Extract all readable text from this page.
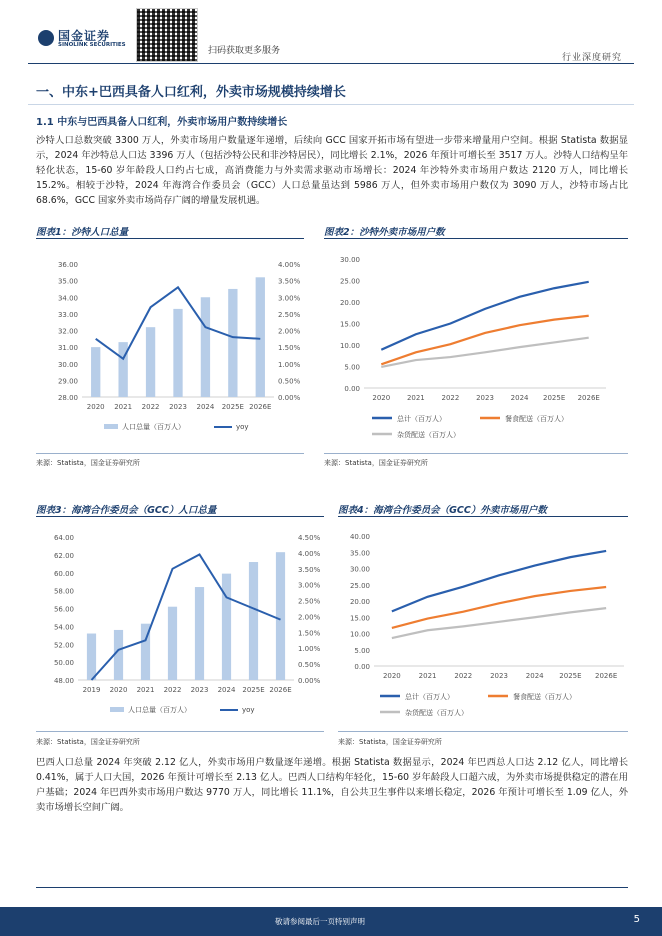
国金证券
SINOLINK SECURITIES
扫码获取更多服务
行业深度研究
一、中东+巴西具备人口红利，外卖市场规模持续增长
1.1 中东与巴西具备人口红利，外卖市场用户数持续增长

沙特人口总数突破 3300 万人，外卖市场用户数量逐年递增，后续向 GCC 国家开拓市场有望进一步带来增量用户空间。根据 Statista 数据显示，2024 年沙特总人口达 3396 万人（包括沙特公民和非沙特居民），同比增长 2.1%，2026 年预计可增长至 3517 万人。沙特人口结构呈年轻化状态，15-60 岁年龄段人口约占七成，高消费能力与外卖需求驱动市场增长：2024 年沙特外卖市场用户数达 2120 万人，同比增长 15.2%。相较于沙特，2024 年海湾合作委员会（GCC）人口总量虽达到 5986 万人，但外卖市场用户数仅为 3090 万人，沙特市场占比 68.6%，GCC 国家外卖市场尚存广阔的增量发展机遇。

图表1：沙特人口总量
28.00
29.00
30.00
31.00
32.00
33.00
34.00
35.00
36.00
0.00%
0.50%
1.00%
1.50%
2.00%
2.50%
3.00%
3.50%
4.00%
2020 2021 2022 2023 2024 2025E 2026E
人口总量（百万人）	yoy
来源：Statista，国金证券研究所
图表2：沙特外卖市场用户数
0.00
5.00
10.00
15.00
20.00
25.00
30.00
2020 2021 2022 2023 2024 2025E 2026E
总计（百万人）	餐食配送（百万人）
杂货配送（百万人）
来源：Statista，国金证券研究所
图表3：海湾合作委员会（GCC）人口总量
48.00
50.00
52.00
54.00
56.00
58.00
60.00
62.00
64.00
0.00%
0.50%
1.00%
1.50%
2.00%
2.50%
3.00%
3.50%
4.00%
4.50%
2019 2020 2021 2022 2023 2024 2025E 2026E
人口总量（百万人）	yoy
来源：Statista，国金证券研究所
图表4：海湾合作委员会（GCC）外卖市场用户数
0.00
5.00
10.00
15.00
20.00
25.00
30.00
35.00
40.00
2020	2021	2022	2023	2024 2025E 2026E
总计（百万人）	餐食配送（百万人）
杂货配送（百万人）
来源：Statista，国金证券研究所

巴西人口总量 2024 年突破 2.12 亿人，外卖市场用户数量逐年递增。根据 Statista 数据显示，2024 年巴西总人口达 2.12 亿人，同比增长 0.41%，属于人口大国，2026 年预计可增长至 2.13 亿人。巴西人口结构年轻化，15-60 岁年龄段人口超六成，为外卖市场提供稳定的潜在用户基础；2024 年巴西外卖市场用户数达 9770 万人，同比增长 11.1%，自公共卫生事件以来增长稳定，2026 年预计可增长至 1.09 亿人，外卖市场增长空间广阔。

敬请参阅最后一页特别声明	5
